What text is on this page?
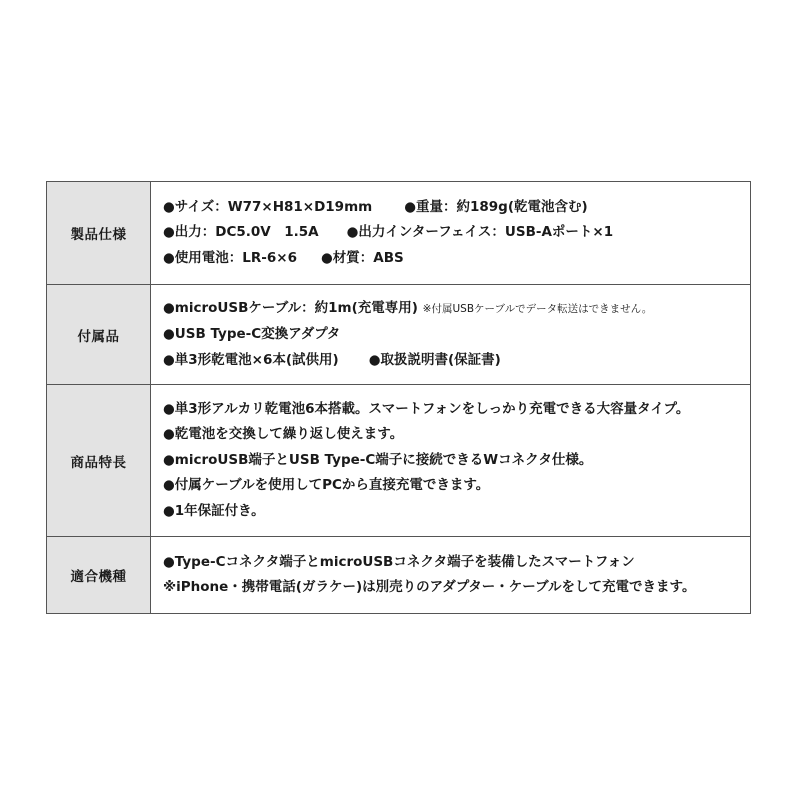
製品仕様	●サイズ：W77×H81×D19mm ●重量：約189g(乾電池含む)
●出力：DC5.0V　1.5A ●出力インターフェイス：USB-Aポート×1
●使用電池：LR-6×6 ●材質：ABS

付属品	●microUSBケーブル：約1m(充電専用) ※付属USBケーブルでデータ転送はできません。
●USB Type-C変換アダプタ
●単3形乾電池×6本(試供用) ●取扱説明書(保証書)

商品特長	●単3形アルカリ乾電池6本搭載。スマートフォンをしっかり充電できる大容量タイプ。
●乾電池を交換して繰り返し使えます。
●microUSB端子とUSB Type-C端子に接続できるWコネクタ仕様。
●付属ケーブルを使用してPCから直接充電できます。
●1年保証付き。

適合機種	●Type-Cコネクタ端子とmicroUSBコネクタ端子を装備したスマートフォン
※iPhone・携帯電話(ガラケー)は別売りのアダプター・ケーブルをして充電できます。
